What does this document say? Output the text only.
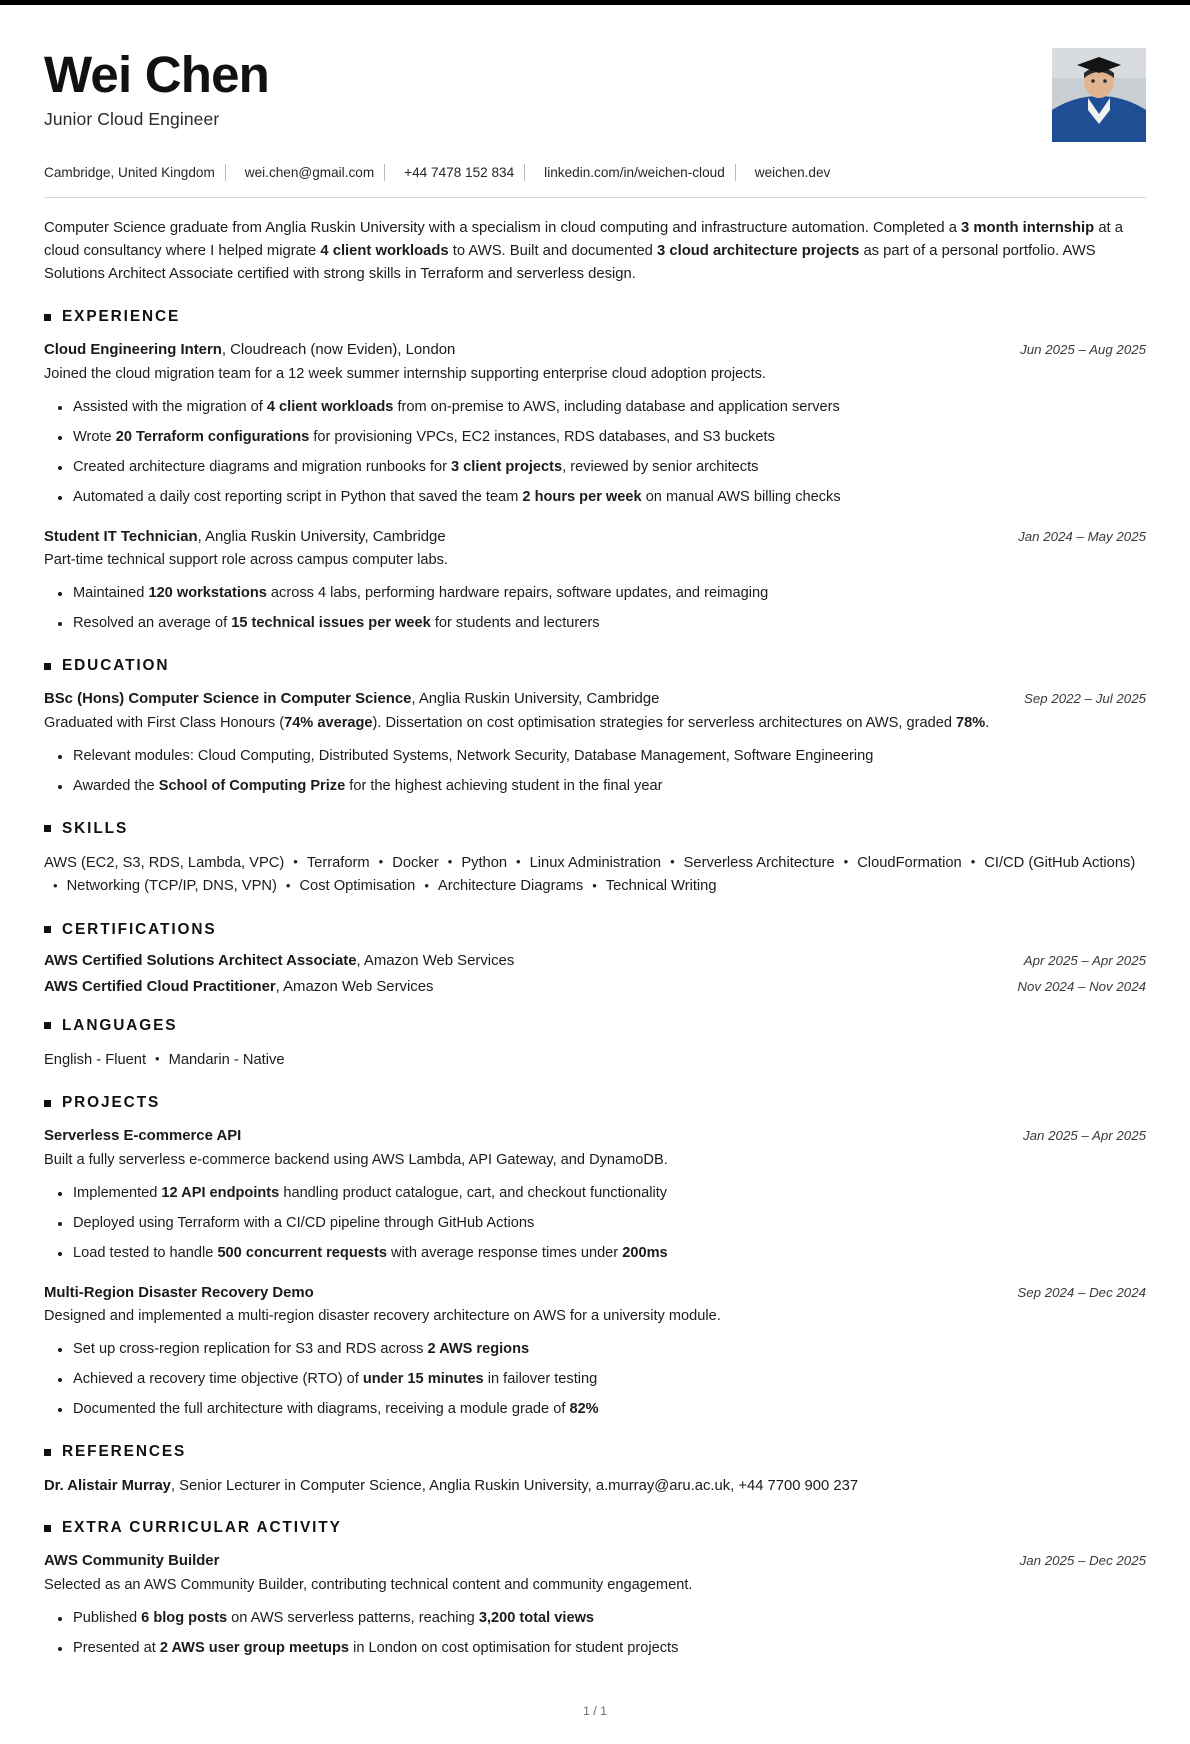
Wei Chen
Junior Cloud Engineer
Cambridge, United Kingdom wei.chen@gmail.com +44 7478 152 834 linkedin.com/in/weichen-cloud weichen.dev
Computer Science graduate from Anglia Ruskin University with a specialism in cloud computing and infrastructure automation. Completed a 3 month internship at a cloud consultancy where I helped migrate 4 client workloads to AWS. Built and documented 3 cloud architecture projects as part of a personal portfolio. AWS Solutions Architect Associate certified with strong skills in Terraform and serverless design.
EXPERIENCE
Cloud Engineering Intern, Cloudreach (now Eviden), London	Jun 2025 – Aug 2025
Joined the cloud migration team for a 12 week summer internship supporting enterprise cloud adoption projects.
Assisted with the migration of 4 client workloads from on-premise to AWS, including database and application servers
Wrote 20 Terraform configurations for provisioning VPCs, EC2 instances, RDS databases, and S3 buckets
Created architecture diagrams and migration runbooks for 3 client projects, reviewed by senior architects
Automated a daily cost reporting script in Python that saved the team 2 hours per week on manual AWS billing checks
Student IT Technician, Anglia Ruskin University, Cambridge	Jan 2024 – May 2025
Part-time technical support role across campus computer labs.
Maintained 120 workstations across 4 labs, performing hardware repairs, software updates, and reimaging
Resolved an average of 15 technical issues per week for students and lecturers
EDUCATION
BSc (Hons) Computer Science in Computer Science, Anglia Ruskin University, Cambridge	Sep 2022 – Jul 2025
Graduated with First Class Honours (74% average). Dissertation on cost optimisation strategies for serverless architectures on AWS, graded 78%.
Relevant modules: Cloud Computing, Distributed Systems, Network Security, Database Management, Software Engineering
Awarded the School of Computing Prize for the highest achieving student in the final year
SKILLS
AWS (EC2, S3, RDS, Lambda, VPC) • Terraform • Docker • Python • Linux Administration • Serverless Architecture • CloudFormation • CI/CD (GitHub Actions)• Networking (TCP/IP, DNS, VPN) • Cost Optimisation • Architecture Diagrams • Technical Writing
CERTIFICATIONS
AWS Certified Solutions Architect Associate, Amazon Web Services	Apr 2025 – Apr 2025
AWS Certified Cloud Practitioner, Amazon Web Services	Nov 2024 – Nov 2024
LANGUAGES
English - Fluent • Mandarin - Native
PROJECTS
Serverless E-commerce API	Jan 2025 – Apr 2025
Built a fully serverless e-commerce backend using AWS Lambda, API Gateway, and DynamoDB.
Implemented 12 API endpoints handling product catalogue, cart, and checkout functionality
Deployed using Terraform with a CI/CD pipeline through GitHub Actions
Load tested to handle 500 concurrent requests with average response times under 200ms
Multi-Region Disaster Recovery Demo	Sep 2024 – Dec 2024
Designed and implemented a multi-region disaster recovery architecture on AWS for a university module.
Set up cross-region replication for S3 and RDS across 2 AWS regions
Achieved a recovery time objective (RTO) of under 15 minutes in failover testing
Documented the full architecture with diagrams, receiving a module grade of 82%
REFERENCES
Dr. Alistair Murray, Senior Lecturer in Computer Science, Anglia Ruskin University, a.murray@aru.ac.uk, +44 7700 900 237
EXTRA CURRICULAR ACTIVITY
AWS Community Builder	Jan 2025 – Dec 2025
Selected as an AWS Community Builder, contributing technical content and community engagement.
Published 6 blog posts on AWS serverless patterns, reaching 3,200 total views
Presented at 2 AWS user group meetups in London on cost optimisation for student projects
1 / 1
